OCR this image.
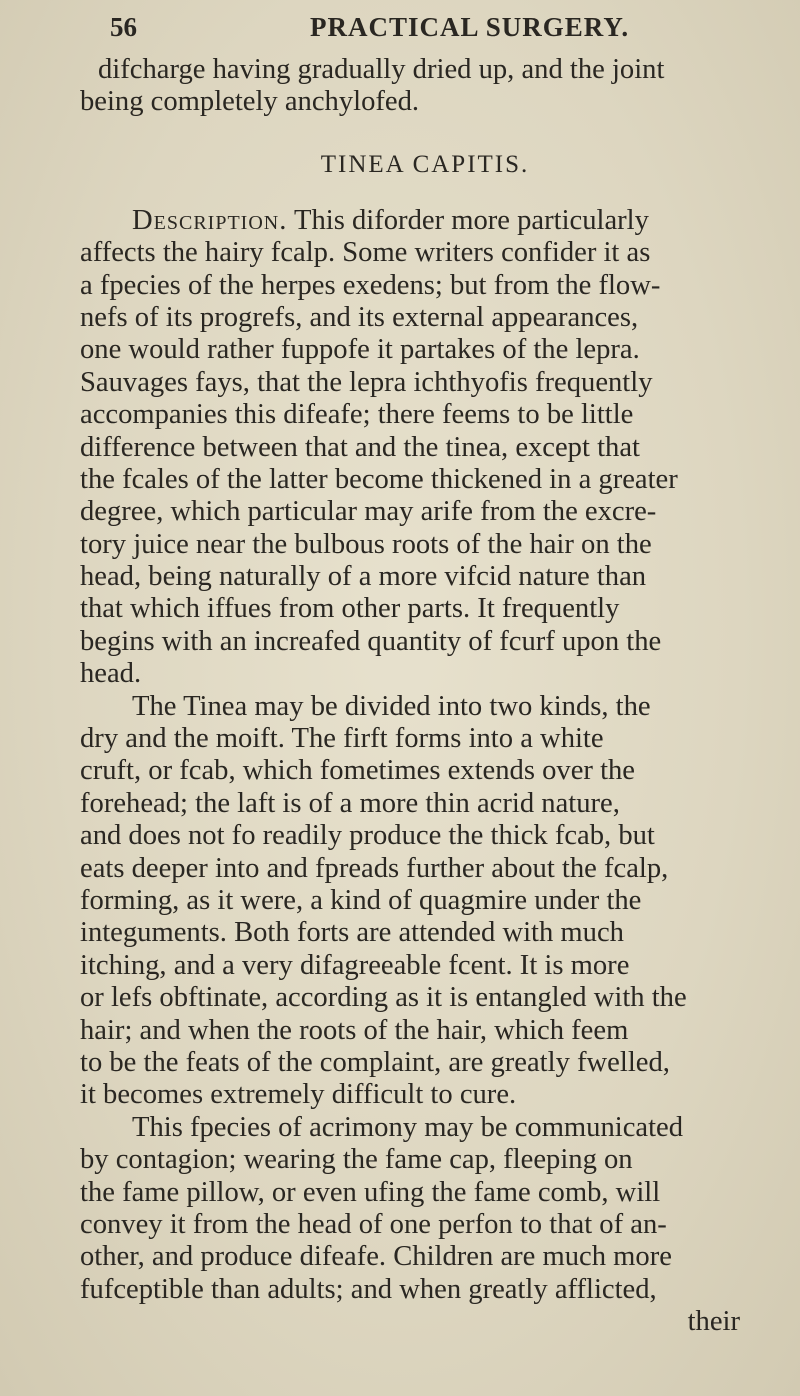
56	PRACTICAL SURGERY.
difcharge having gradually dried up, and the joint
being completely anchylofed.
TINEA CAPITIS.
Description. This diforder more particularly
affects the hairy fcalp. Some writers confider it as
a fpecies of the herpes exedens; but from the flow-
nefs of its progrefs, and its external appearances,
one would rather fuppofe it partakes of the lepra.
Sauvages fays, that the lepra ichthyofis frequently
accompanies this difeafe; there feems to be little
difference between that and the tinea, except that
the fcales of the latter become thickened in a greater
degree, which particular may arife from the excre-
tory juice near the bulbous roots of the hair on the
head, being naturally of a more vifcid nature than
that which iffues from other parts. It frequently
begins with an increafed quantity of fcurf upon the
head.
The Tinea may be divided into two kinds, the
dry and the moift. The firft forms into a white
cruft, or fcab, which fometimes extends over the
forehead; the laft is of a more thin acrid nature,
and does not fo readily produce the thick fcab, but
eats deeper into and fpreads further about the fcalp,
forming, as it were, a kind of quagmire under the
integuments. Both forts are attended with much
itching, and a very difagreeable fcent. It is more
or lefs obftinate, according as it is entangled with the
hair; and when the roots of the hair, which feem
to be the feats of the complaint, are greatly fwelled,
it becomes extremely difficult to cure.
This fpecies of acrimony may be communicated
by contagion; wearing the fame cap, fleeping on
the fame pillow, or even ufing the fame comb, will
convey it from the head of one perfon to that of an-
other, and produce difeafe. Children are much more
fufceptible than adults; and when greatly afflicted,
their
